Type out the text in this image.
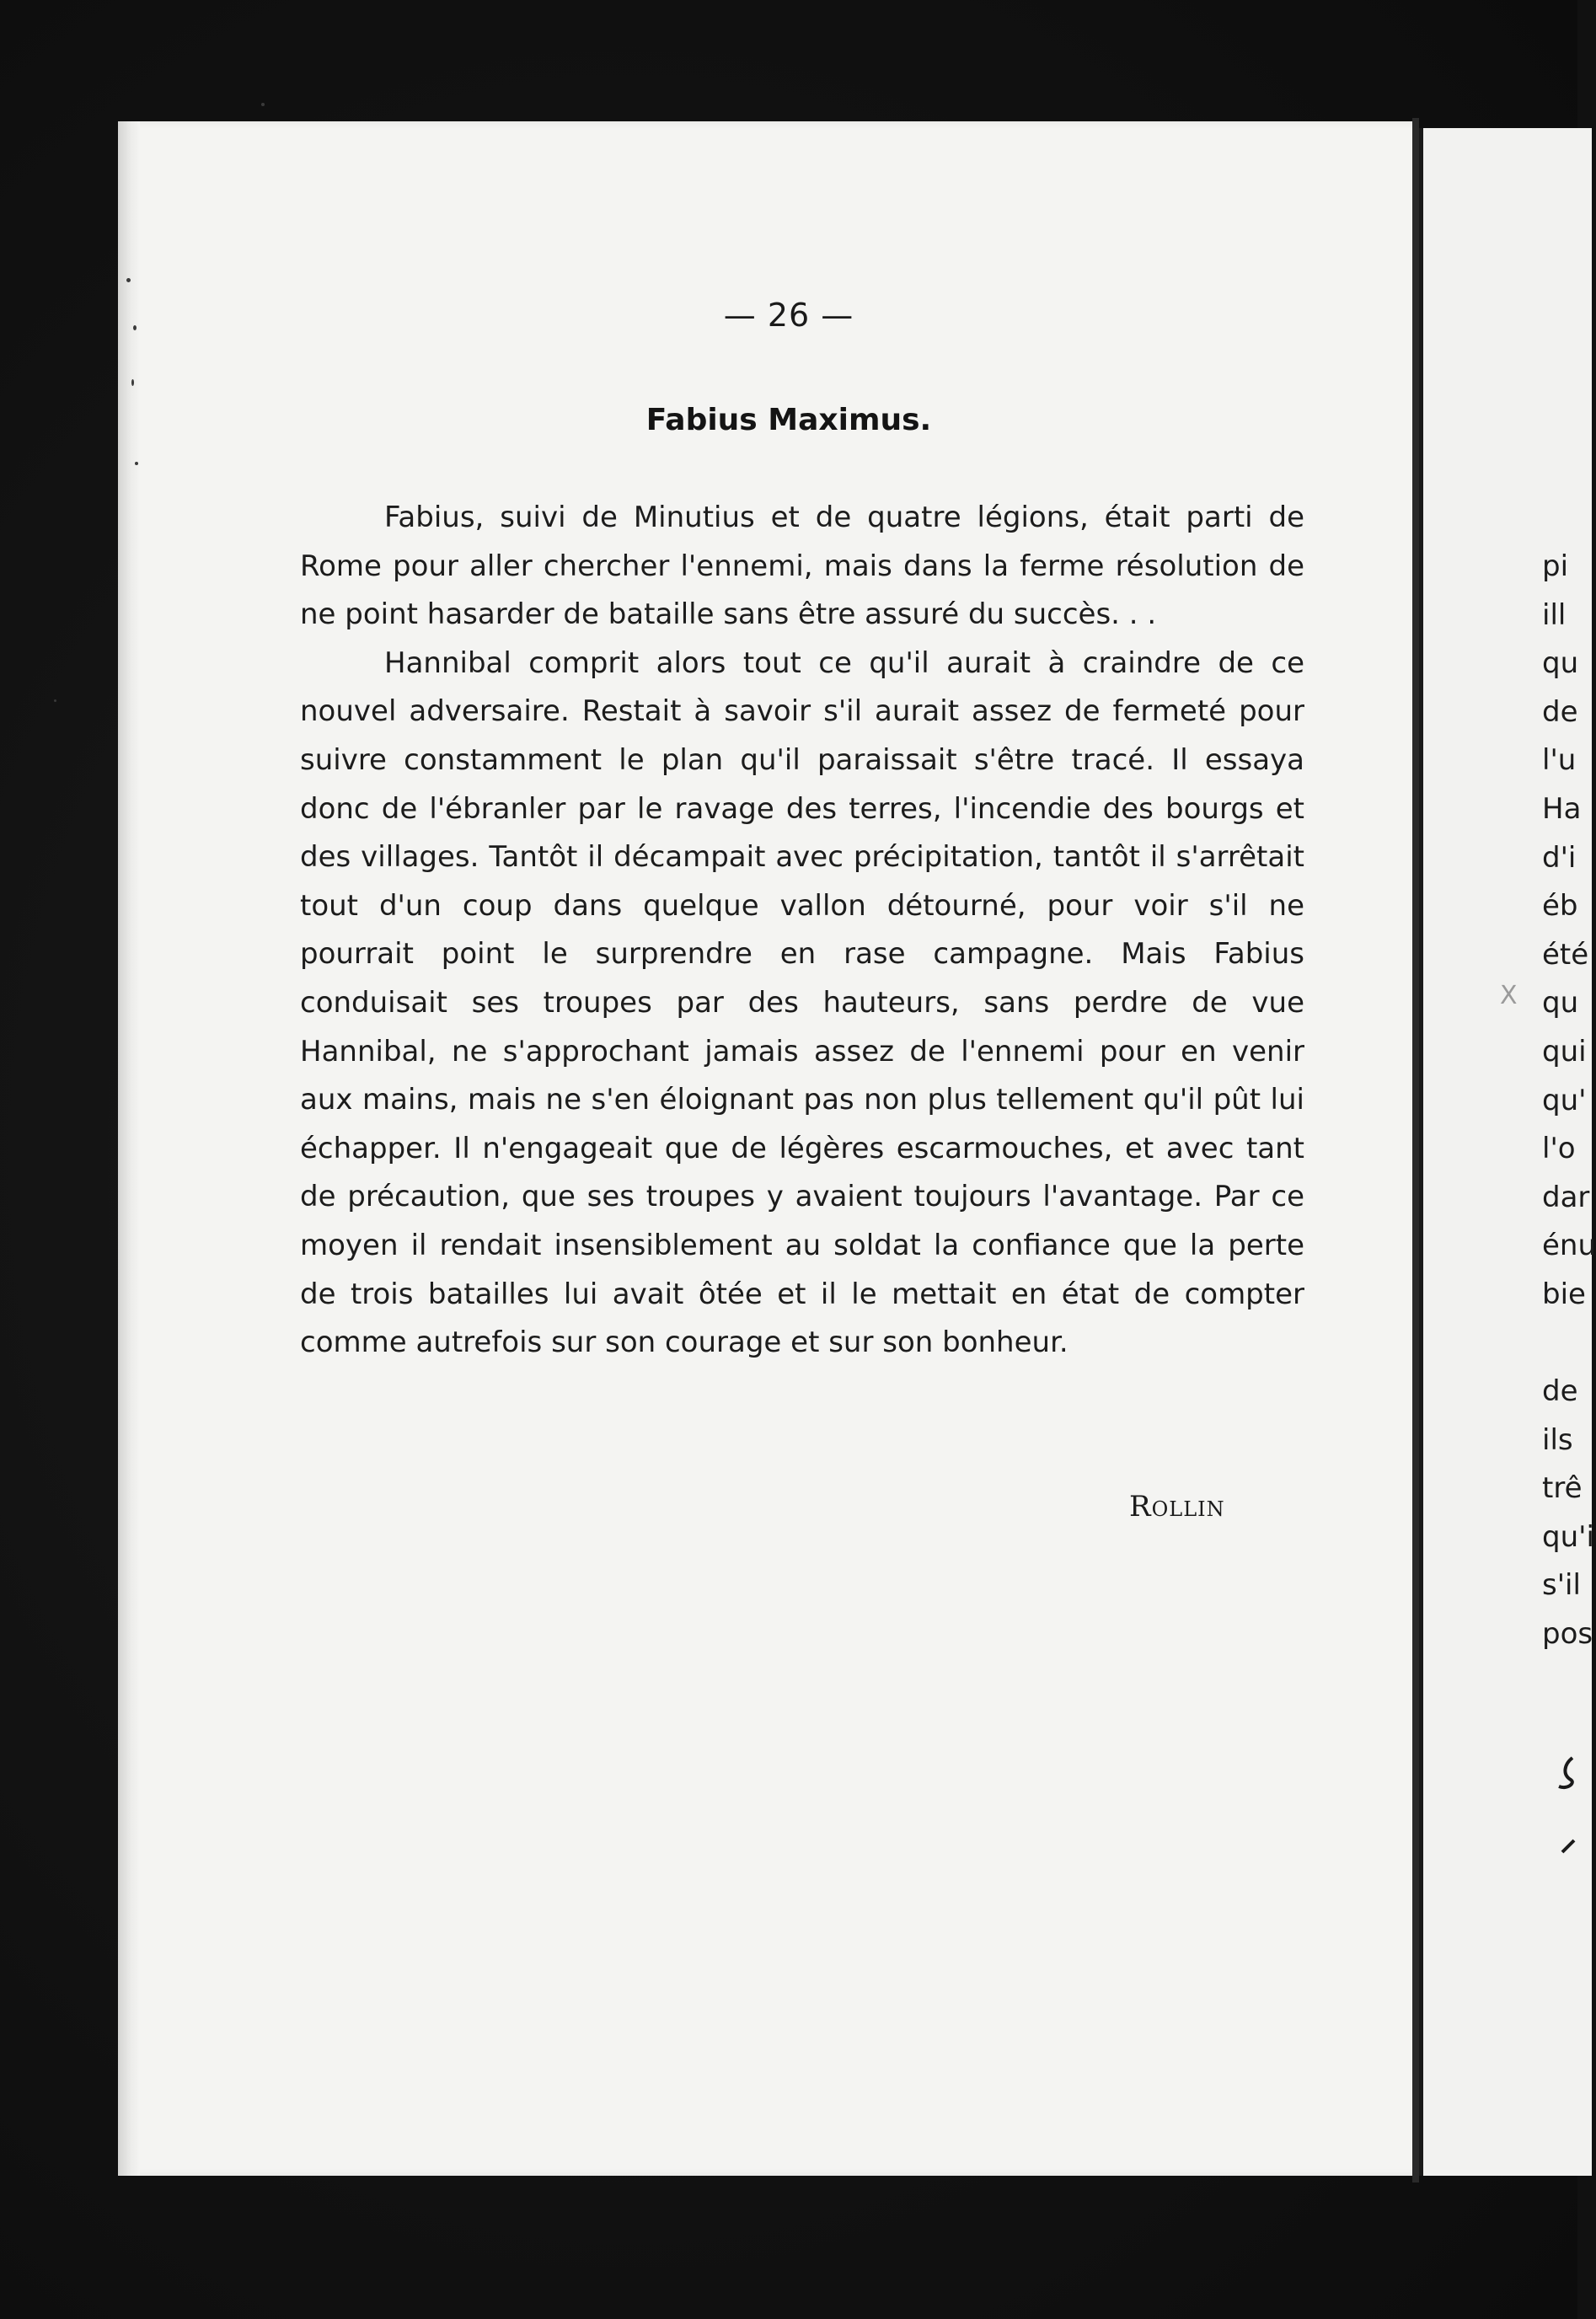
— 26 —
Fabius Maximus.

Fabius, suivi de Minutius et de quatre légions, était parti de Rome pour aller chercher l'ennemi, mais dans la ferme résolution de ne point hasarder de bataille sans être assuré du succès. . .

Hannibal comprit alors tout ce qu'il aurait à craindre de ce nouvel adversaire. Restait à savoir s'il aurait assez de fermeté pour suivre constamment le plan qu'il paraissait s'être tracé. Il essaya donc de l'ébranler par le ravage des terres, l'incendie des bourgs et des villages. Tantôt il décampait avec précipitation, tantôt il s'arrêtait tout d'un coup dans quelque vallon détourné, pour voir s'il ne pourrait point le surprendre en rase campagne. Mais Fabius conduisait ses troupes par des hauteurs, sans perdre de vue Hannibal, ne s'approchant jamais assez de l'ennemi pour en venir aux mains, mais ne s'en éloignant pas non plus tellement qu'il pût lui échapper. Il n'engageait que de légères escarmouches, et avec tant de précaution, que ses troupes y avaient toujours l'avantage. Par ce moyen il rendait insensiblement au soldat la confiance que la perte de trois batailles lui avait ôtée et il le mettait en état de compter comme autrefois sur son courage et sur son bonheur.

Rollin
pi
ill
qu
de
l'u
Ha
d'i
éb
été
qu
qui
qu'
l'o
dar
énu
bie
de
ils
trê
qu'i
s'il
pos
X
